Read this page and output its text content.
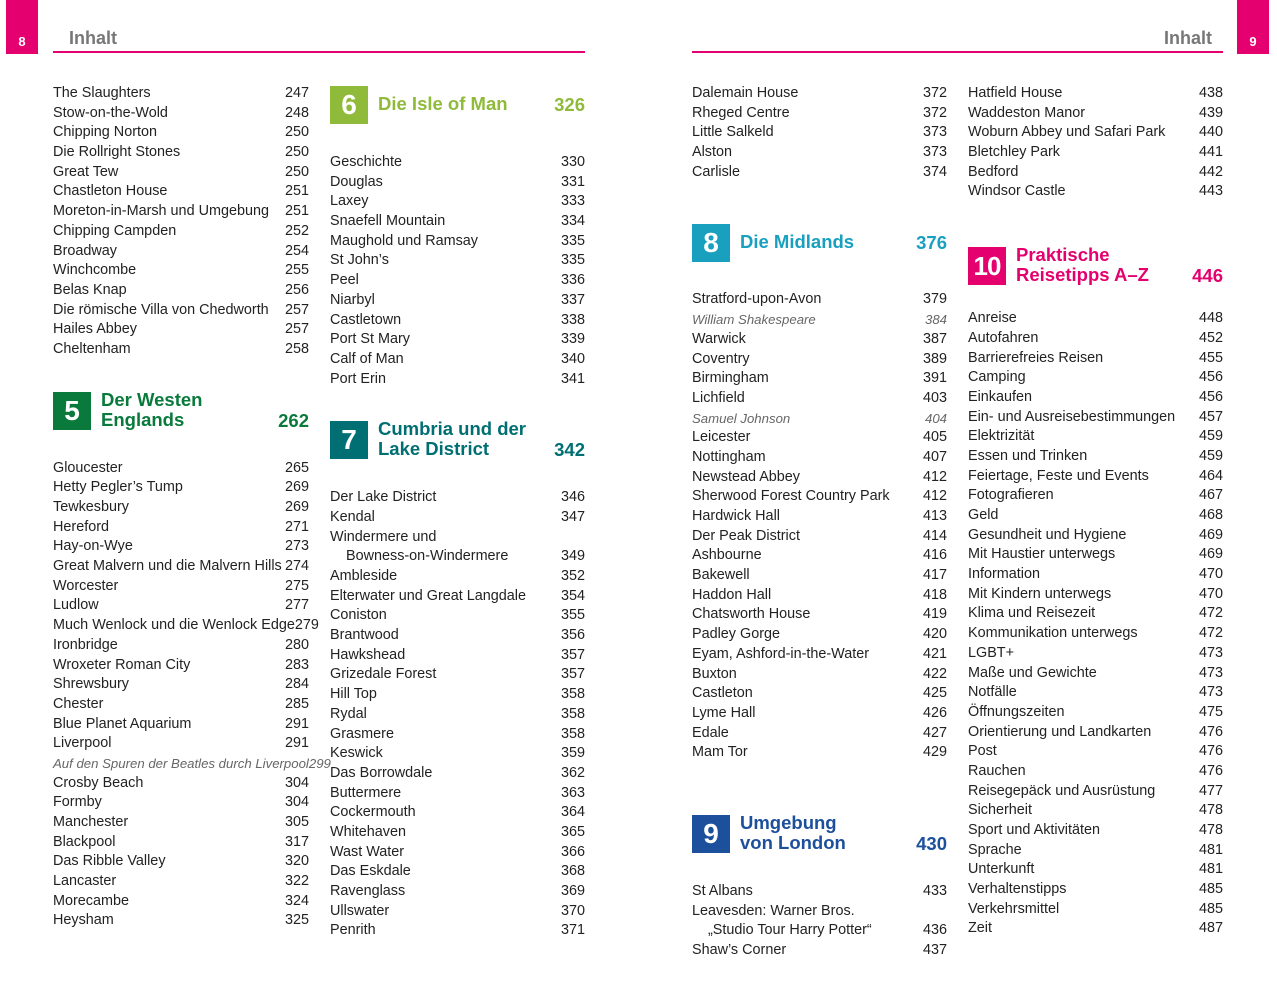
8 Inhalt	9
Inhalt
The Slaughters	247
Stow-on-the-Wold	248
Chipping Norton	250
Die Rollright Stones	250
Great Tew	250
Chastleton House	251
Moreton-in-Marsh und Umgebung 251
Chipping Campden	252
Broadway	254
Winchcombe	255
Belas Knap	256
Die römische Villa von Chedworth 257
Hailes Abbey	257
Cheltenham	258
5	Der Westen
Englands	262
Gloucester	265
Hetty Pegler’s Tump	269
Tewkesbury	269
Hereford	271
Hay-on-Wye	273
Great Malvern und die Malvern Hills 274
Worcester	275
Ludlow	277
Much Wenlock und die Wenlock Edge 279
Ironbridge	280
Wroxeter Roman City	283
Shrewsbury	284
Chester	285
Blue Planet Aquarium	291
Liverpool	291
Auf den Spuren der Beatles durch Liverpool 299
Crosby Beach	304
Formby	304
Manchester	305
Blackpool	317
Das Ribble Valley	320
Lancaster	322
Morecambe	324
Heysham	325
6	Die Isle of Man	326
Geschichte	330
Douglas	331
Laxey	333
Snaefell Mountain	334
Maughold und Ramsay	335
St John’s	335
Peel	336
Niarbyl	337
Castletown	338
Port St Mary	339
Calf of Man	340
Port Erin	341
7	Cumbria und der
Lake District	342
Der Lake District	346
Kendal	347
Windermere und
Bowness-on-Windermere	349
Ambleside	352
Elterwater und Great Langdale 354
Coniston	355
Brantwood	356
Hawkshead	357
Grizedale Forest	357
Hill Top	358
Rydal	358
Grasmere	358
Keswick	359
Das Borrowdale	362
Buttermere	363
Cockermouth	364
Whitehaven	365
Wast Water	366
Das Eskdale	368
Ravenglass	369
Ullswater	370
Penrith	371
Dalemain House	372
Rheged Centre	372
Little Salkeld	373
Alston	373
Carlisle	374
8	Die Midlands	376
Stratford-upon-Avon	379
William Shakespeare	384
Warwick	387
Coventry	389
Birmingham	391
Lichfield	403
Samuel Johnson	404
Leicester	405
Nottingham	407
Newstead Abbey	412
Sherwood Forest Country Park 412
Hardwick Hall	413
Der Peak District	414
Ashbourne	416
Bakewell	417
Haddon Hall	418
Chatsworth House	419
Padley Gorge	420
Eyam, Ashford-in-the-Water	421
Buxton	422
Castleton	425
Lyme Hall	426
Edale	427
Mam Tor	429
9	Umgebung
von London	430
St Albans	433
Leavesden: Warner Bros.
„Studio Tour Harry Potter“	436
Shaw’s Corner	437
Hatfield House	438
Waddeston Manor	439
Woburn Abbey und Safari Park 440
Bletchley Park	441
Bedford	442
Windsor Castle	443
10 Praktische
Reisetipps A–Z 446
Anreise	448
Autofahren	452
Barrierefreies Reisen	455
Camping	456
Einkaufen	456
Ein- und Ausreisebestimmungen 457
Elektrizität	459
Essen und Trinken	459
Feiertage, Feste und Events	464
Fotografieren	467
Geld	468
Gesundheit und Hygiene	469
Mit Haustier unterwegs	469
Information	470
Mit Kindern unterwegs	470
Klima und Reisezeit	472
Kommunikation unterwegs	472
LGBT+	473
Maße und Gewichte	473
Notfälle	473
Öffnungszeiten	475
Orientierung und Landkarten	476
Post	476
Rauchen	476
Reisegepäck und Ausrüstung	477
Sicherheit	478
Sport und Aktivitäten	478
Sprache	481
Unterkunft	481
Verhaltenstipps	485
Verkehrsmittel	485
Zeit	487
